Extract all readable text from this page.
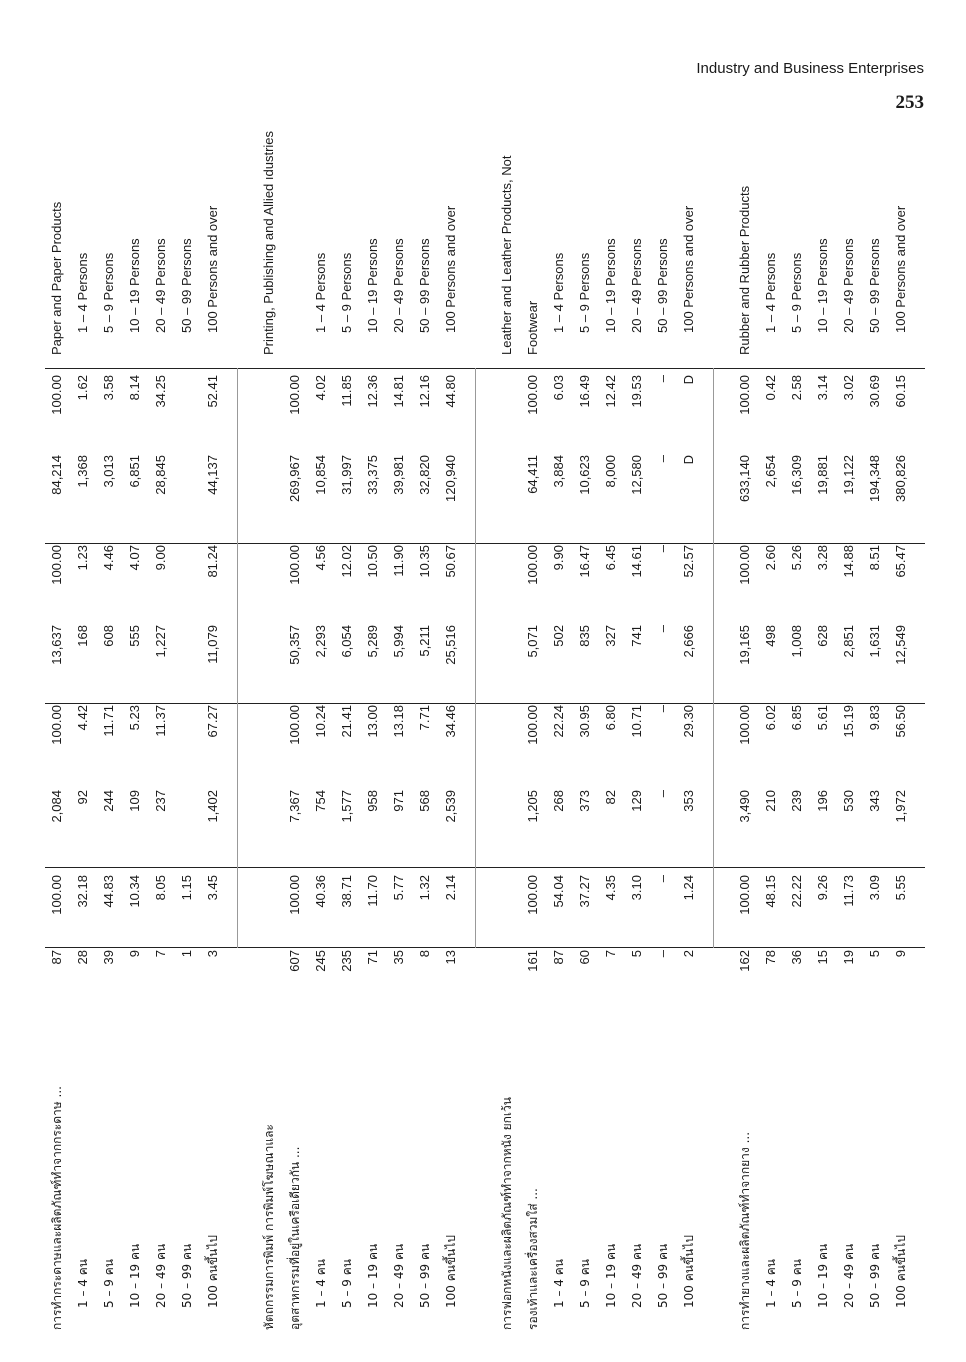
Industry and Business Enterprises
253
การทำกระดาษและผลิตภัณฑ์ทำจากกระดาษ ...
87
100.00
2,084
100.00
13,637
100.00
84,214
100.00
Paper and Paper Products
1 – 4 คน
28
32.18
92
4.42
168
1.23
1,368
1.62
1 – 4 Persons
5 – 9 คน
39
44.83
244
11.71
608
4.46
3,013
3.58
5 – 9 Persons
10 – 19 คน
9
10.34
109
5.23
555
4.07
6,851
8.14
10 – 19 Persons
20 – 49 คน
7
8.05
237
11.37
1,227
9.00
28,845
34.25
20 – 49 Persons
50 – 99 คน
1
1.15
50 – 99 Persons
100 คนขึ้นไป
3
3.45
1,402
67.27
11,079
81.24
44,137
52.41
100 Persons and over
หัตถกรรมการพิมพ์ การพิมพ์โฆษณาและ
Printing, Publishing and Allied ıdustries
อุตสาหกรรมที่อยู่ในเครือเดียวกัน ...
607
100.00
7,367
100.00
50,357
100.00
269,967
100.00
1 – 4 คน
245
40.36
754
10.24
2,293
4.56
10,854
4.02
1 – 4 Persons
5 – 9 คน
235
38.71
1,577
21.41
6,054
12.02
31,997
11.85
5 – 9 Persons
10 – 19 คน
71
11.70
958
13.00
5,289
10.50
33,375
12.36
10 – 19 Persons
20 – 49 คน
35
5.77
971
13.18
5,994
11.90
39,981
14.81
20 – 49 Persons
50 – 99 คน
8
1.32
568
7.71
5,211
10.35
32,820
12.16
50 – 99 Persons
100 คนขึ้นไป
13
2.14
2,539
34.46
25,516
50.67
120,940
44.80
100 Persons and over
การฟอกหนังและผลิตภัณฑ์ทำจากหนัง ยกเว้น
Leather and Leather Products, Not
รองเท้าและเครื่องสวมใส่ ...
161
100.00
1,205
100.00
5,071
100.00
64,411
100.00
Footwear
1 – 4 คน
87
54.04
268
22.24
502
9.90
3,884
6.03
1 – 4 Persons
5 – 9 คน
60
37.27
373
30.95
835
16.47
10,623
16.49
5 – 9 Persons
10 – 19 คน
7
4.35
82
6.80
327
6.45
8,000
12.42
10 – 19 Persons
20 – 49 คน
5
3.10
129
10.71
741
14.61
12,580
19.53
20 – 49 Persons
50 – 99 คน
–
–
–
–
–
–
–
–
50 – 99 Persons
100 คนขึ้นไป
2
1.24
353
29.30
2,666
52.57
D
D
100 Persons and over
การทำยางและผลิตภัณฑ์ทำจากยาง ...
162
100.00
3,490
100.00
19,165
100.00
633,140
100.00
Rubber and Rubber Products
1 – 4 คน
78
48.15
210
6.02
498
2.60
2,654
0.42
1 – 4 Persons
5 – 9 คน
36
22.22
239
6.85
1,008
5.26
16,309
2.58
5 – 9 Persons
10 – 19 คน
15
9.26
196
5.61
628
3.28
19,881
3.14
10 – 19 Persons
20 – 49 คน
19
11.73
530
15.19
2,851
14.88
19,122
3.02
20 – 49 Persons
50 – 99 คน
5
3.09
343
9.83
1,631
8.51
194,348
30.69
50 – 99 Persons
100 คนขึ้นไป
9
5.55
1,972
56.50
12,549
65.47
380,826
60.15
100 Persons and over
